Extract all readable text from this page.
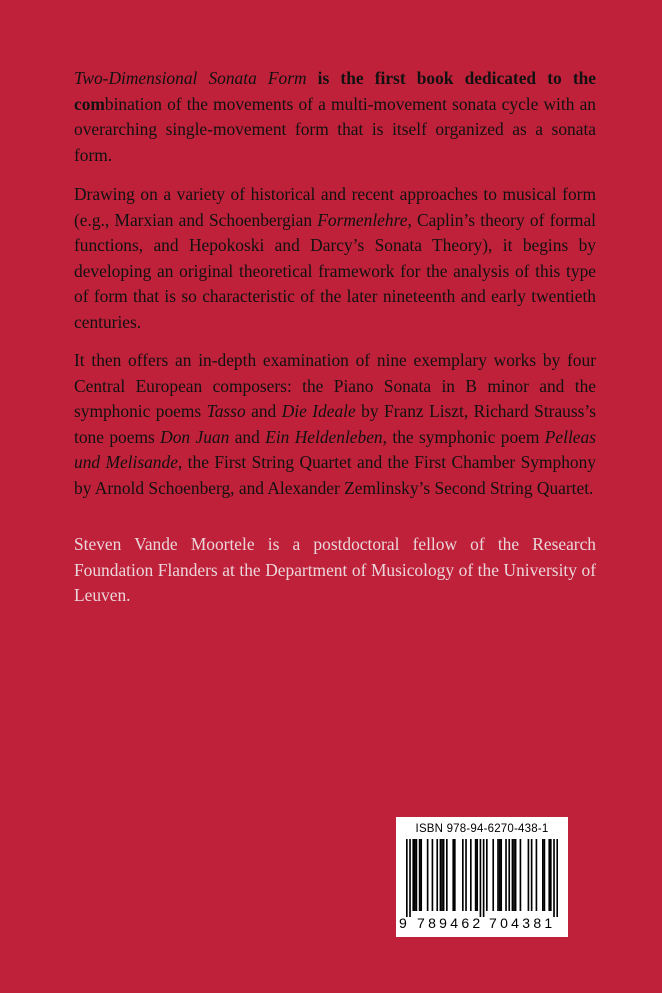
Two-Dimensional Sonata Form is the first book dedicated to the combination of the movements of a multi-movement sonata cycle with an overarching single-movement form that is itself organized as a sonata form.

Drawing on a variety of historical and recent approaches to musical form (e.g., Marxian and Schoenbergian Formenlehre, Caplin’s theory of formal functions, and Hepokoski and Darcy’s Sonata Theory), it begins by developing an original theoretical framework for the analysis of this type of form that is so characteristic of the later nineteenth and early twentieth centuries.

It then offers an in-depth examination of nine exemplary works by four Central European composers: the Piano Sonata in B minor and the symphonic poems Tasso and Die Ideale by Franz Liszt, Richard Strauss’s tone poems Don Juan and Ein Heldenleben, the symphonic poem Pelleas und Melisande, the First String Quartet and the First Chamber Symphony by Arnold Schoenberg, and Alexander Zemlinsky’s Second String Quartet.

Steven Vande Moortele is a postdoctoral fellow of the Research Foundation Flanders at the Department of Musicology of the University of Leuven.

ISBN 978-94-6270-438-1
9 789462 704381
